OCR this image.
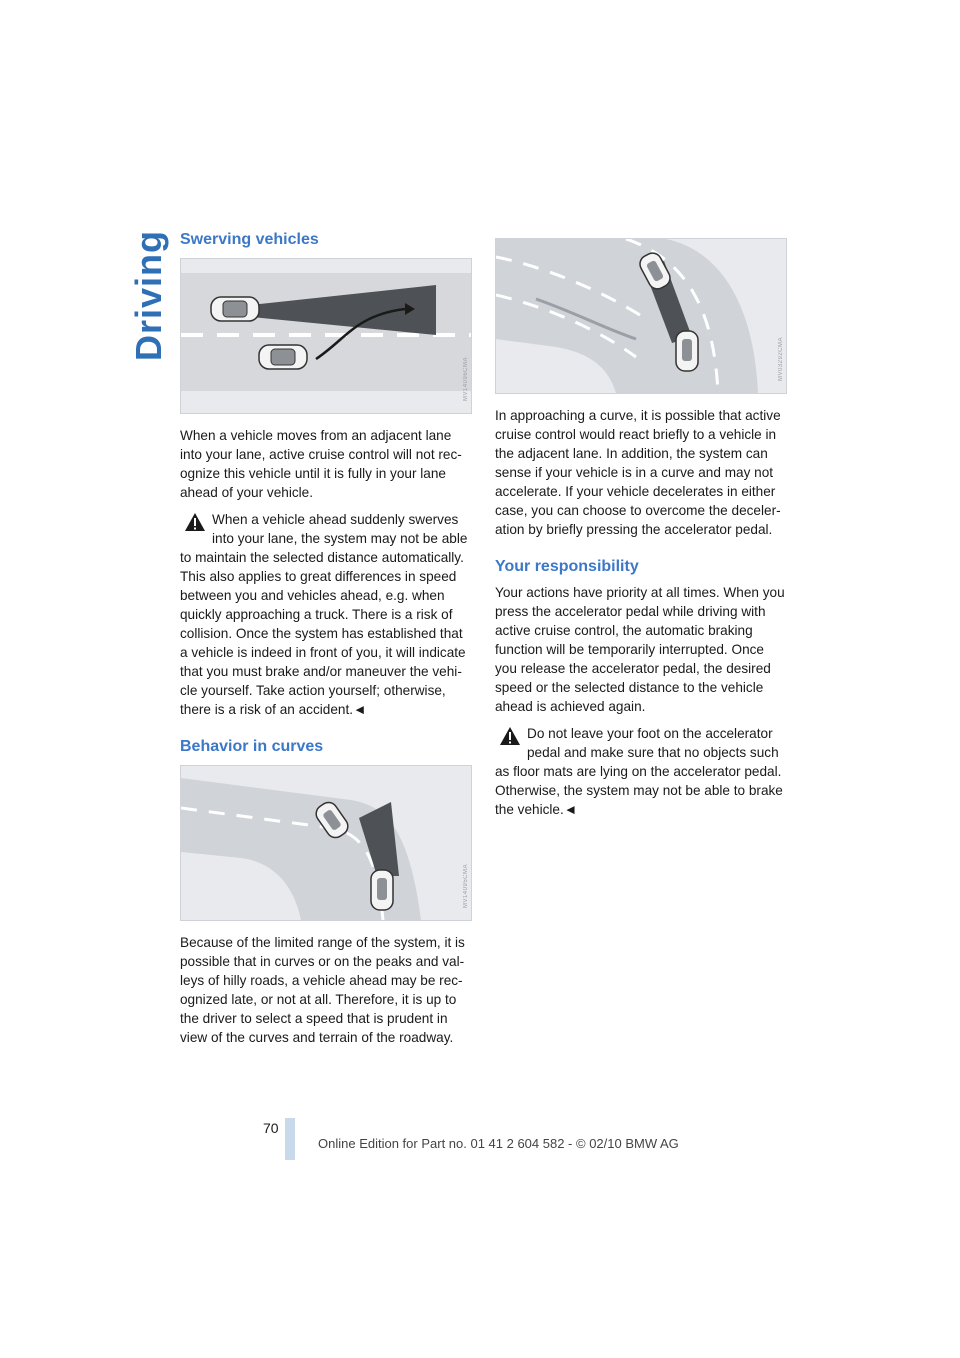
Driving Swerving vehicles
MV14096CMA

When a vehicle moves from an adjacent lane into your lane, active cruise control will not rec-ognize this vehicle until it is fully in your lane ahead of your vehicle.

When a vehicle ahead suddenly swerves into your lane, the system may not be able

to maintain the selected distance automatically. This also applies to great differences in speed between you and vehicles ahead, e.g. when quickly approaching a truck. There is a risk of collision. Once the system has established that a vehicle is indeed in front of you, it will indicate that you must brake and/or maneuver the vehi-cle yourself. Take action yourself; otherwise, there is a risk of an accident.◄

Behavior in curves
MV14095CMA

Because of the limited range of the system, it is possible that in curves or on the peaks and val-leys of hilly roads, a vehicle ahead may be rec-ognized late, or not at all. Therefore, it is up to the driver to select a speed that is prudent in view of the curves and terrain of the roadway.

MV03292CMA

In approaching a curve, it is possible that active cruise control would react briefly to a vehicle in the adjacent lane. In addition, the system can sense if your vehicle is in a curve and may not accelerate. If your vehicle decelerates in either case, you can choose to overcome the deceler-ation by briefly pressing the accelerator pedal.

Your responsibility

Your actions have priority at all times. When you press the accelerator pedal while driving with active cruise control, the automatic braking function will be temporarily interrupted. Once you release the accelerator pedal, the desired speed or the selected distance to the vehicle ahead is achieved again.

Do not leave your foot on the accelerator pedal and make sure that no objects such

as floor mats are lying on the accelerator pedal. Otherwise, the system may not be able to brake the vehicle.◄

70
Online Edition for Part no. 01 41 2 604 582 - © 02/10 BMW AG
